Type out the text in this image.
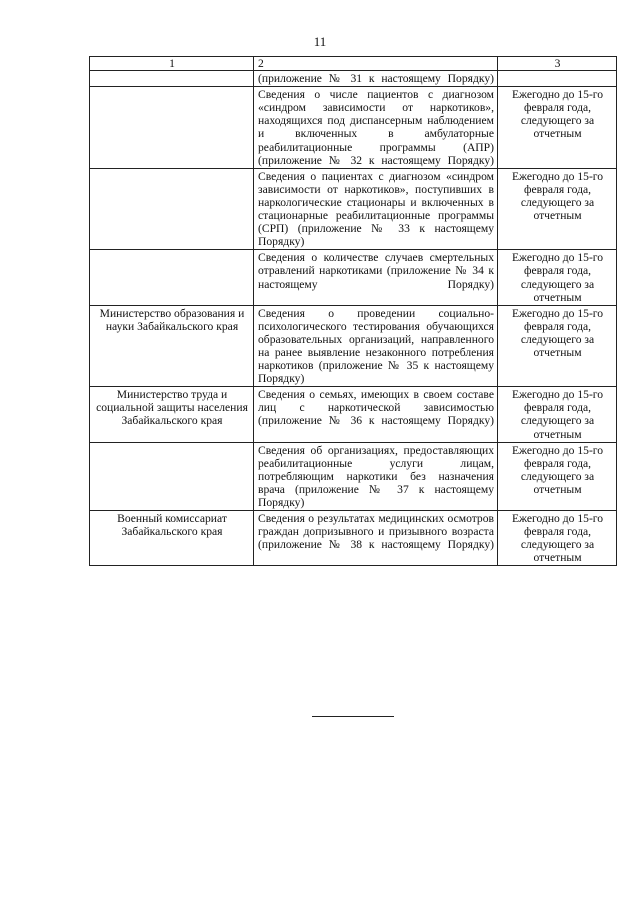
11
1	2	3

	(приложение № 31 к настоящему Порядку)	

	Сведения о числе пациентов с диагнозом «синдром зависимости от наркотиков», находящихся под диспансерным наблюдением и включенных в амбулаторные реабилитационные программы (АПР) (приложение № 32 к настоящему Порядку)	Ежегодно до 15-го февраля года, следующего за отчетным

	Сведения о пациентах с диагнозом «синдром зависимости от наркотиков», поступивших в наркологические стационары и включенных в стационарные реабилитационные программы (СРП) (приложение № 33 к настоящему Порядку)	Ежегодно до 15-го февраля года, следующего за отчетным

	Сведения о количестве случаев смертельных отравлений наркотиками (приложение № 34 к настоящему Порядку)	Ежегодно до 15-го февраля года, следующего за отчетным
Министерство образования и науки Забайкальского края	Сведения о проведении социально-психологического тестирования обучающихся образовательных организаций, направленного на ранее выявление незаконного потребления наркотиков (приложение № 35 к настоящему Порядку)	Ежегодно до 15-го февраля года, следующего за отчетным
Министерство труда и социальной защиты населения Забайкальского края	Сведения о семьях, имеющих в своем составе лиц с наркотической зависимостью (приложение № 36 к настоящему Порядку)	Ежегодно до 15-го февраля года, следующего за отчетным

	Сведения об организациях, предоставляющих реабилитационные услуги лицам, потребляющим наркотики без назначения врача (приложение № 37 к настоящему Порядку)	Ежегодно до 15-го февраля года, следующего за отчетным
Военный комиссариат Забайкальского края	Сведения о результатах медицинских осмотров граждан допризывного и призывного возраста (приложение № 38 к настоящему Порядку)	Ежегодно до 15-го февраля года, следующего за отчетным
